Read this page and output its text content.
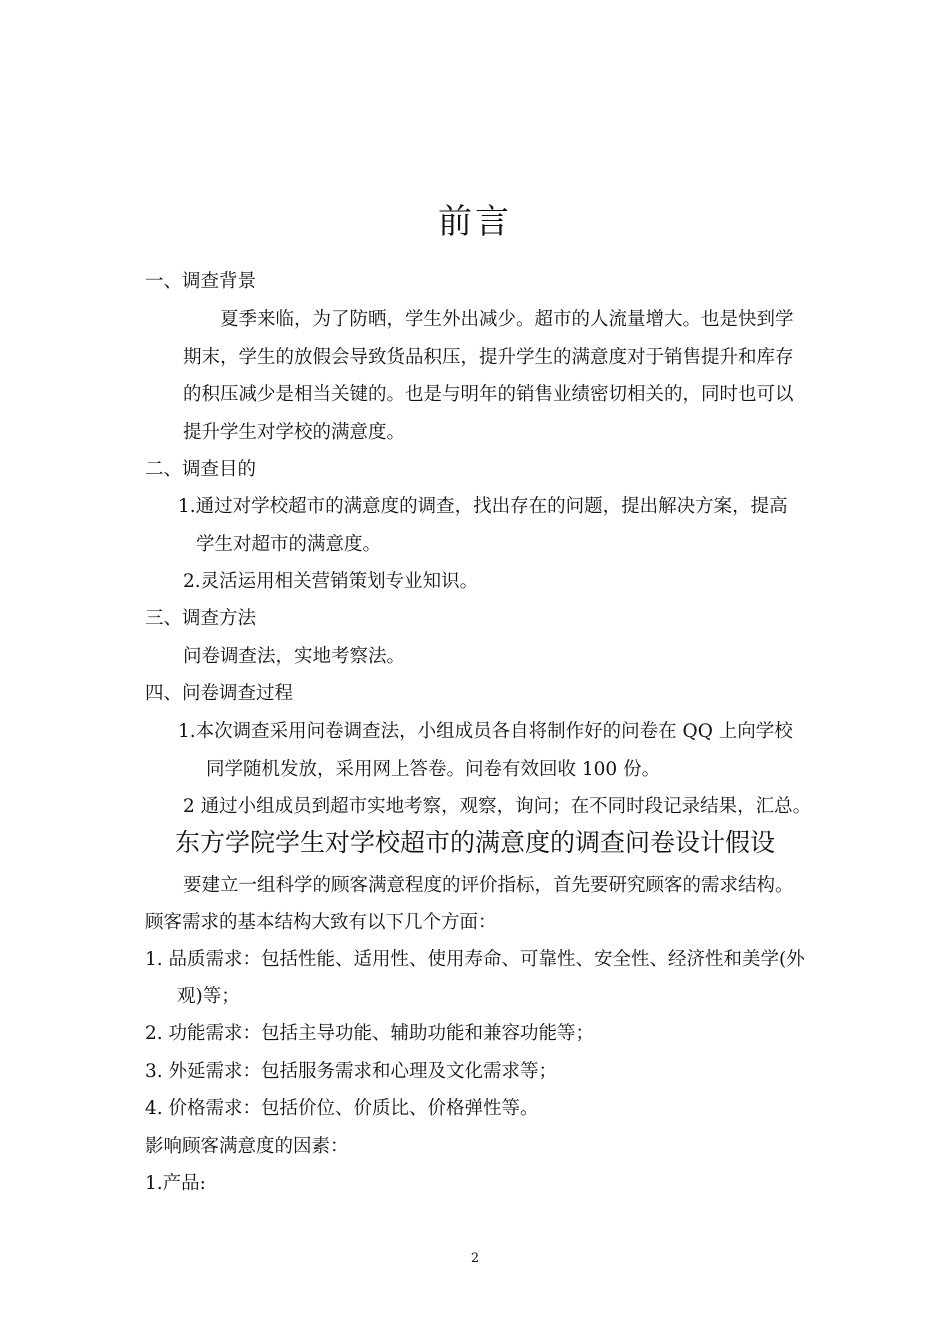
前言
一、调查背景
夏季来临，为了防晒，学生外出减少。超市的人流量增大。也是快到学
期末，学生的放假会导致货品积压，提升学生的满意度对于销售提升和库存
的积压减少是相当关键的。也是与明年的销售业绩密切相关的，同时也可以
提升学生对学校的满意度。
二、调查目的
1.通过对学校超市的满意度的调查，找出存在的问题，提出解决方案，提高
学生对超市的满意度。
2.灵活运用相关营销策划专业知识。
三、调查方法
问卷调查法，实地考察法。
四、问卷调查过程
1.本次调查采用问卷调查法，小组成员各自将制作好的问卷在 QQ 上向学校
同学随机发放，采用网上答卷。问卷有效回收 100 份。
2 通过小组成员到超市实地考察，观察，询问；在不同时段记录结果，汇总。
东方学院学生对学校超市的满意度的调查问卷设计假设
要建立一组科学的顾客满意程度的评价指标，首先要研究顾客的需求结构。
顾客需求的基本结构大致有以下几个方面：
1. 品质需求：包括性能、适用性、使用寿命、可靠性、安全性、经济性和美学(外
观)等；
2. 功能需求：包括主导功能、辅助功能和兼容功能等；
3. 外延需求：包括服务需求和心理及文化需求等；
4. 价格需求：包括价位、价质比、价格弹性等。
影响顾客满意度的因素：
1.产品:
2
